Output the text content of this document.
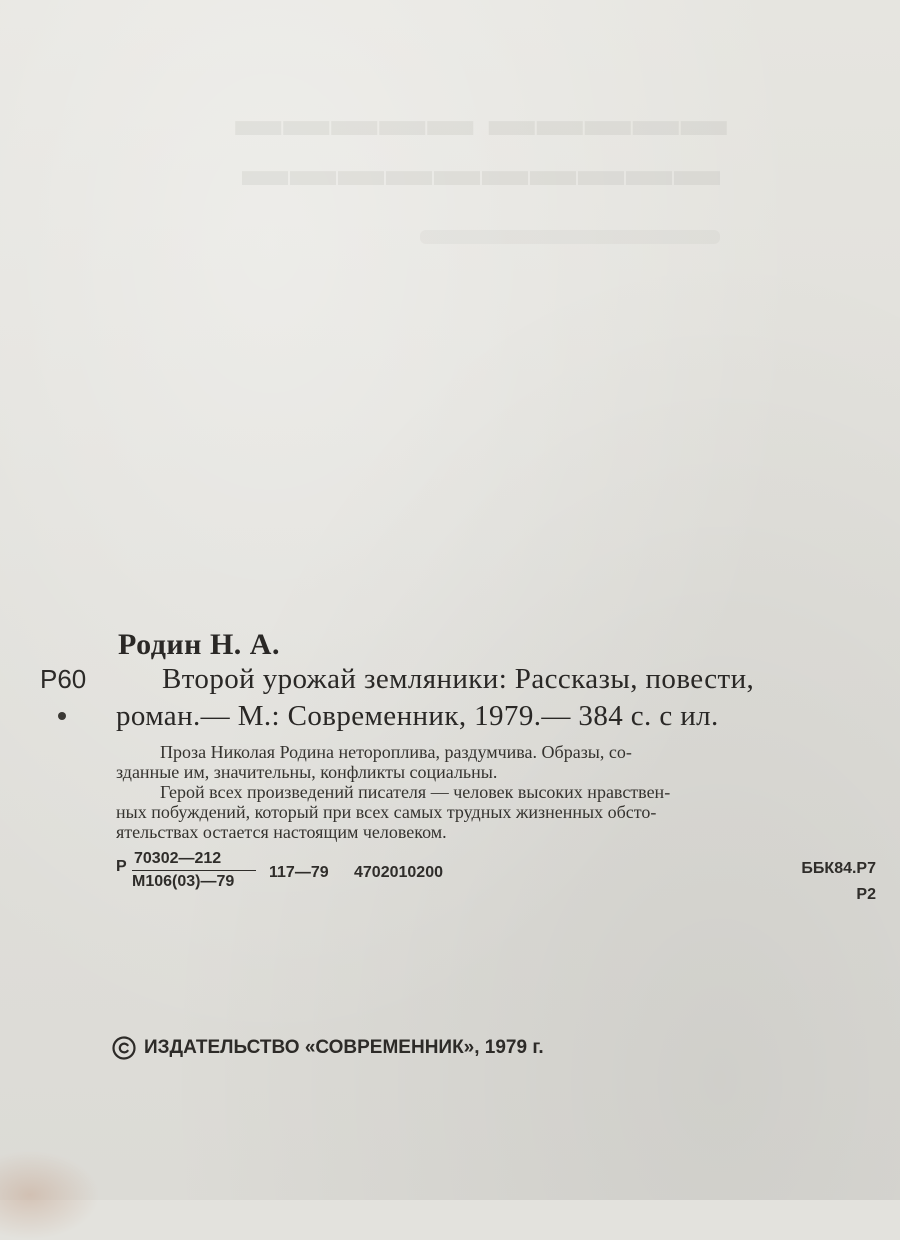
▬▬▬▬▬ ▬▬▬▬▬
▬▬▬▬▬▬▬▬▬▬
Родин Н. А.
Р60	Второй урожай земляники: Рассказы, повести,
роман.— М.: Современник, 1979.— 384 с. с ил.
Проза Николая Родина неторопливa, раздумчива. Образы, со-
зданные им, значительны, конфликты социальны.
Герой всех произведений писателя — человек высоких нравствен-
ных побуждений, который при всех самых трудных жизненных обсто-
ятельствах остается настоящим человеком.
Р 70302—212
М106(03)—79
117—79 4702010200	ББК84.Р7
Р2
ИЗДАТЕЛЬСТВО «СОВРЕМЕННИК», 1979 г.
